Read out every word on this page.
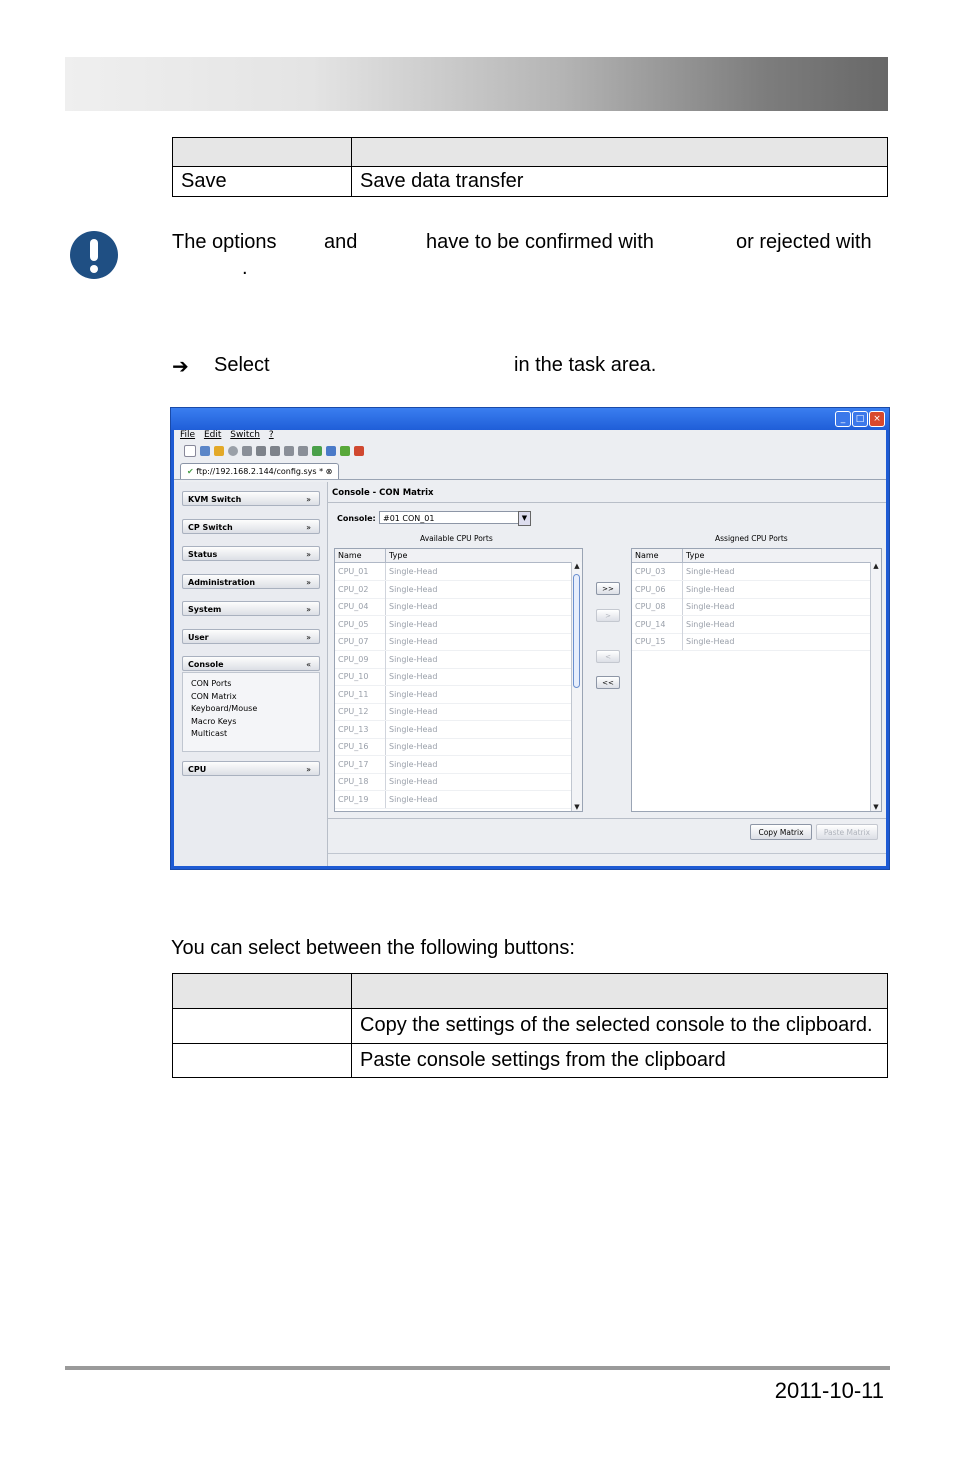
Save	Save data transfer
The options and	have to be confirmed with	or rejected with
.
➔ Select	in the task area.
_	□ ×
File Edit Switch ?
✔ ftp://192.168.2.144/config.sys * ⊗
KVM Switch	»
CP Switch	»
Status	»
Administration	»
System	»
User	»
Console	«
CON Ports
CON Matrix
Keyboard/Mouse
Macro Keys
Multicast
CPU	»
Console - CON Matrix
Console: #01 CON_01	▼
Available CPU Ports	Assigned CPU Ports
Name	Type
▲
▼
CPU_01	Single-Head
CPU_02	Single-Head
CPU_04	Single-Head
CPU_05	Single-Head
CPU_07	Single-Head
CPU_09	Single-Head
CPU_10	Single-Head
CPU_11	Single-Head
CPU_12	Single-Head
CPU_13	Single-Head
CPU_16	Single-Head
CPU_17	Single-Head
CPU_18	Single-Head
CPU_19	Single-Head
>>
>
<
<<
Name	Type
▲
▼
CPU_03	Single-Head
CPU_06	Single-Head
CPU_08	Single-Head
CPU_14	Single-Head
CPU_15	Single-Head
Copy Matrix	Paste Matrix
You can select between the following buttons:

	Copy the settings of the selected console to the clipboard.
	Paste console settings from the clipboard
2011-10-11
